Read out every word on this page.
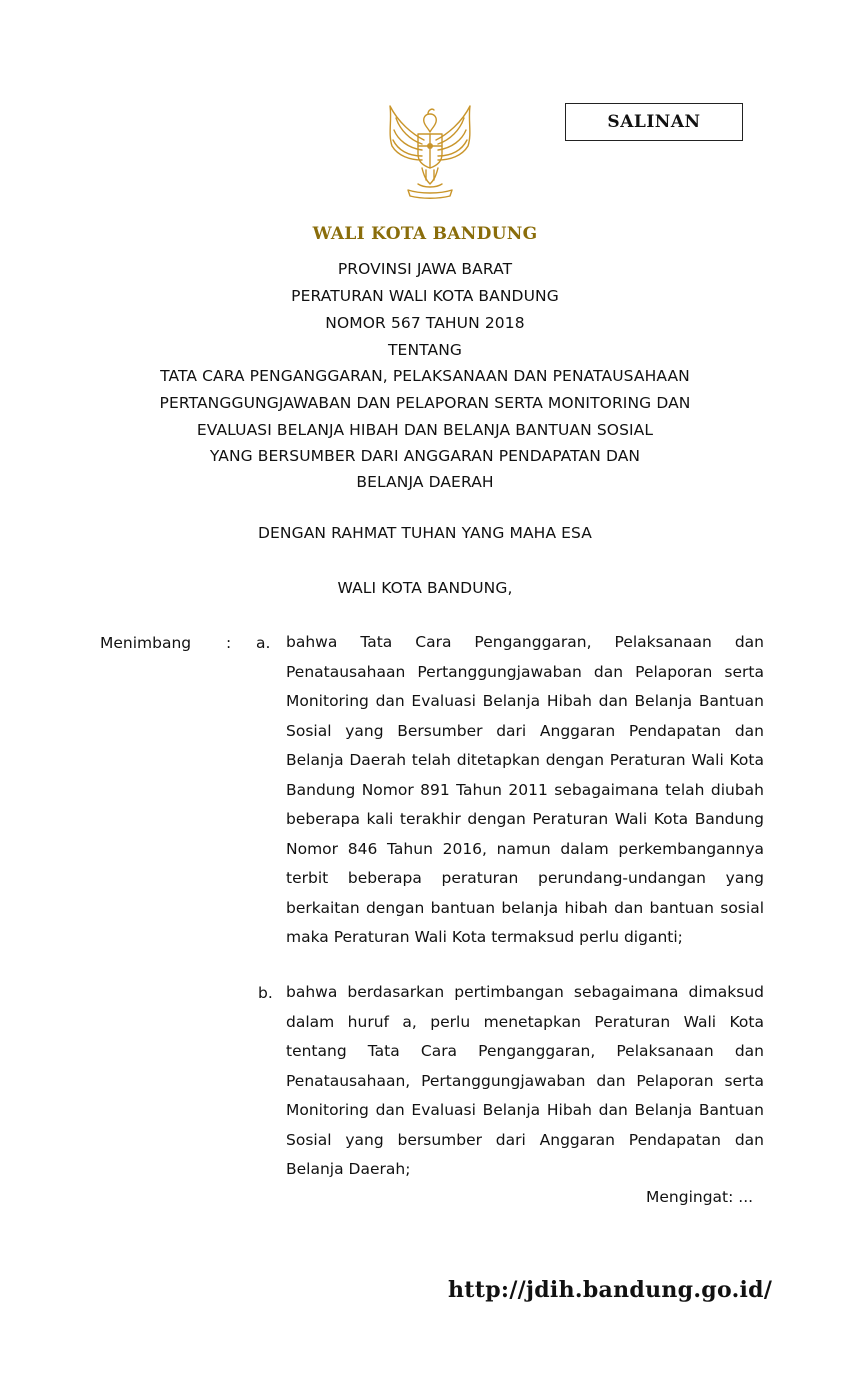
SALINAN
WALI KOTA BANDUNG
PROVINSI JAWA BARAT
PERATURAN WALI KOTA BANDUNG
NOMOR 567 TAHUN 2018
TENTANG
TATA CARA PENGANGGARAN, PELAKSANAAN DAN PENATAUSAHAAN
PERTANGGUNGJAWABAN DAN PELAPORAN SERTA MONITORING DAN
EVALUASI BELANJA HIBAH DAN BELANJA BANTUAN SOSIAL
YANG BERSUMBER DARI ANGGARAN PENDAPATAN DAN
BELANJA DAERAH
DENGAN RAHMAT TUHAN YANG MAHA ESA
WALI KOTA BANDUNG,
Menimbang : a. bahwa Tata Cara Penganggaran, Pelaksanaan dan Penatausahaan Pertanggungjawaban dan Pelaporan serta Monitoring dan Evaluasi Belanja Hibah dan Belanja Bantuan Sosial yang Bersumber dari Anggaran Pendapatan dan Belanja Daerah telah ditetapkan dengan Peraturan Wali Kota Bandung Nomor 891 Tahun 2011 sebagaimana telah diubah beberapa kali terakhir dengan Peraturan Wali Kota Bandung Nomor 846 Tahun 2016, namun dalam perkembangannya terbit beberapa peraturan perundang-undangan yang berkaitan dengan bantuan belanja hibah dan bantuan sosial maka Peraturan Wali Kota termaksud perlu diganti;

b. bahwa berdasarkan pertimbangan sebagaimana dimaksud dalam huruf a, perlu menetapkan Peraturan Wali Kota tentang Tata Cara Penganggaran, Pelaksanaan dan Penatausahaan, Pertanggungjawaban dan Pelaporan serta Monitoring dan Evaluasi Belanja Hibah dan Belanja Bantuan Sosial yang bersumber dari Anggaran Pendapatan dan Belanja Daerah;

Mengingat: ...
http://jdih.bandung.go.id/
